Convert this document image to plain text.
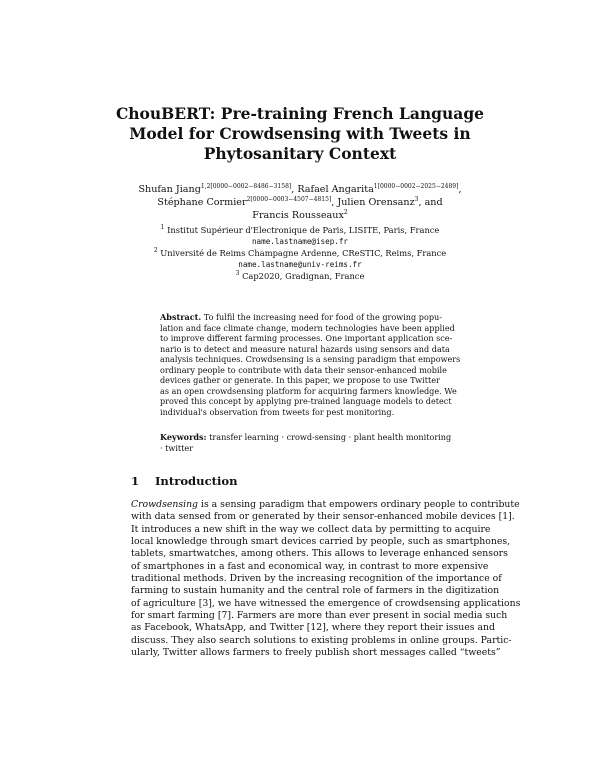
ChouBERT: Pre-training French Language
Model for Crowdsensing with Tweets in
Phytosanitary Context
Shufan Jiang$^{1,2[0000-0002-8486-3158]}$, Rafael Angarita$^{1[0000-0002-2025-2489]}$,
Stéphane Cormier$^{2[0000-0003-4507-4815]}$, Julien Orensanz$^3$, and
Francis Rousseaux$^2$
$^1$ Institut Supérieur d'Electronique de Paris, LISITE, Paris, France
name.lastname@isep.fr
$^2$ Université de Reims Champagne Ardenne, CReSTIC, Reims, France
name.lastname@univ-reims.fr
$^3$ Cap2020, Gradignan, France
Abstract. To fulfil the increasing need for food of the growing popu-
lation and face climate change, modern technologies have been applied
to improve different farming processes. One important application sce-
nario is to detect and measure natural hazards using sensors and data
analysis techniques. Crowdsensing is a sensing paradigm that empowers
ordinary people to contribute with data their sensor-enhanced mobile
devices gather or generate. In this paper, we propose to use Twitter
as an open crowdsensing platform for acquiring farmers knowledge. We
proved this concept by applying pre-trained language models to detect
individual's observation from tweets for pest monitoring.
Keywords: transfer learning · crowd-sensing · plant health monitoring
· twitter
1 Introduction
Crowdsensing is a sensing paradigm that empowers ordinary people to contribute
with data sensed from or generated by their sensor-enhanced mobile devices [1].
It introduces a new shift in the way we collect data by permitting to acquire
local knowledge through smart devices carried by people, such as smartphones,
tablets, smartwatches, among others. This allows to leverage enhanced sensors
of smartphones in a fast and economical way, in contrast to more expensive
traditional methods. Driven by the increasing recognition of the importance of
farming to sustain humanity and the central role of farmers in the digitization
of agriculture [3], we have witnessed the emergence of crowdsensing applications
for smart farming [7]. Farmers are more than ever present in social media such
as Facebook, WhatsApp, and Twitter [12], where they report their issues and
discuss. They also search solutions to existing problems in online groups. Partic-
ularly, Twitter allows farmers to freely publish short messages called “tweets”
